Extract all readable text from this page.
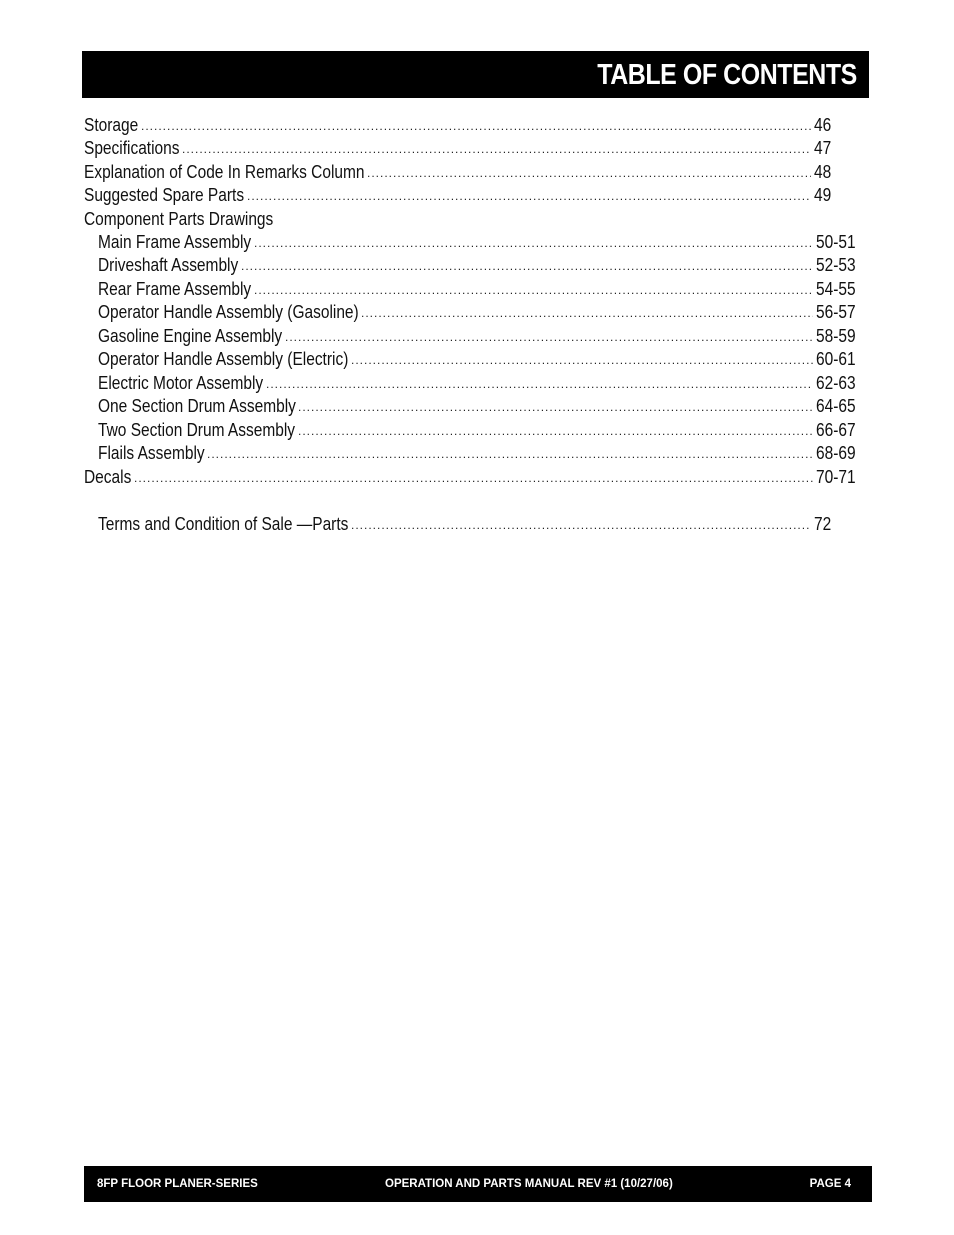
TABLE OF CONTENTS
Storage .....	46
Specifications .....	47
Explanation of Code In Remarks Column .....	48
Suggested Spare Parts .....	49
Component Parts Drawings
Main Frame Assembly .....	50-51
Driveshaft Assembly .....	52-53
Rear Frame Assembly .....	54-55
Operator Handle Assembly (Gasoline) .....	56-57
Gasoline Engine Assembly .....	58-59
Operator Handle Assembly (Electric) .....	60-61
Electric Motor Assembly .....	62-63
One Section Drum Assembly .....	64-65
Two Section Drum Assembly .....	66-67
Flails Assembly .....	68-69
Decals .....	70-71
Terms and Condition of Sale —Parts .....	72
8FP FLOOR PLANER-SERIES	OPERATION AND PARTS MANUAL REV #1 (10/27/06)	PAGE 4
